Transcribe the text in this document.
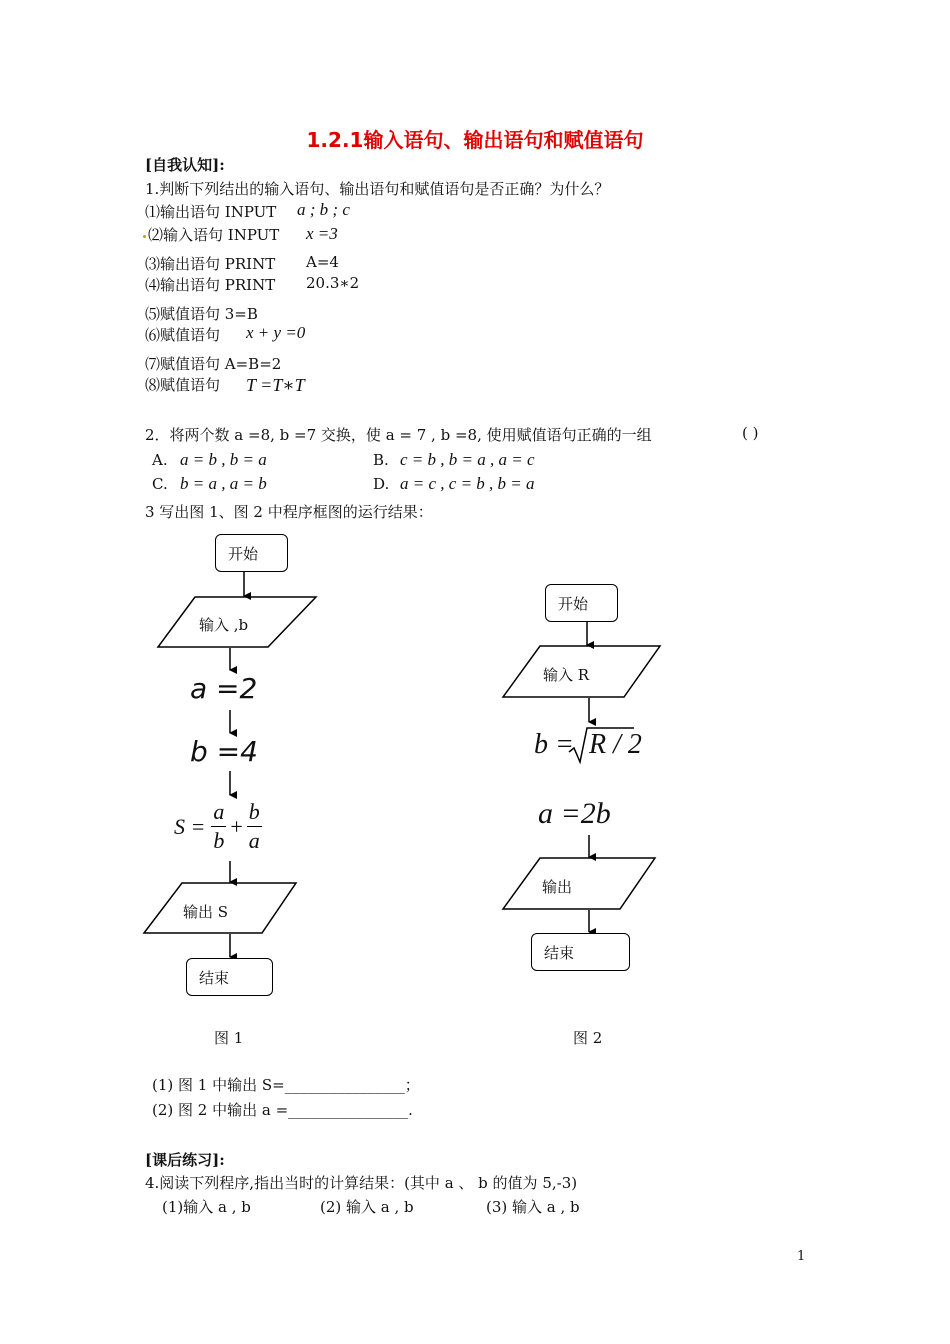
1.2.1输入语句、输出语句和赋值语句
[自我认知]:
1.判断下列结出的输入语句、输出语句和赋值语句是否正确？为什么？
⑴输出语句 INPUT a ; b ; c
⑵输入语句 INPUT x =3
⑶输出语句 PRINT A=4
⑷输出语句 PRINT 20.3∗2
⑸赋值语句 3=B
⑹赋值语句 x + y =0
⑺赋值语句 A=B=2
⑻赋值语句 T =T∗T
2．将两个数 a =8, b =7 交换，使 a = 7 , b =8, 使用赋值语句正确的一组	( )
A. a = b , b = a	B. c = b , b = a , a = c
C. b = a , a = b	D. a = c , c = b , b = a
3 写出图 1、图 2 中程序框图的运行结果：
开始
输入 ,b
a =2
b =4
$S = \frac{a}{b} + \frac{b}{a}$
输出 S
结束
图 1
开始
输入 R
b = R / 2
a =2b
输出
结束
图 2
(1) 图 1 中输出 S=________________；
(2) 图 2 中输出 a =________________.
[课后练习]:
4.阅读下列程序,指出当时的计算结果：(其中 a 、 b 的值为 5,-3)
(1)输入 a , b	(2) 输入 a , b	(3) 输入 a , b
1
